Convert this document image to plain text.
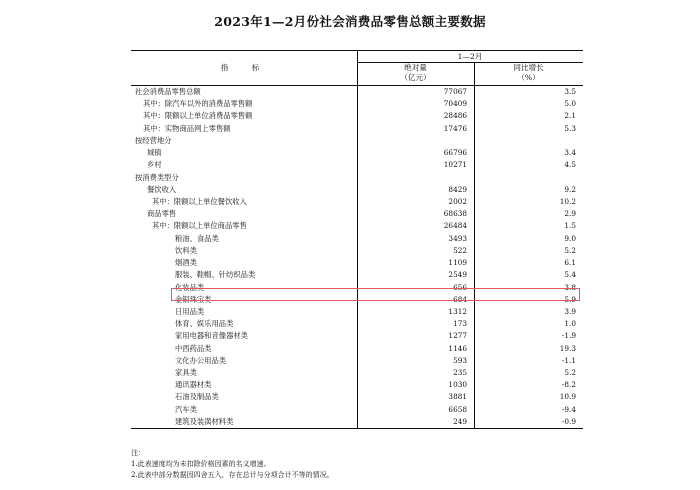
2023年1—2月份社会消费品零售总额主要数据
指　标
1—2月
绝对量
（亿元）
同比增长
（%）
社会消费品零售总额	77067	3.5
其中：除汽车以外的消费品零售额	70409	5.0
其中：限额以上单位消费品零售额	28486	2.1
其中：实物商品网上零售额	17476	5.3
按经营地分
城镇	66796	3.4
乡村	10271	4.5
按消费类型分
餐饮收入	8429	9.2
其中：限额以上单位餐饮收入	2002	10.2
商品零售	68638	2.9
其中：限额以上单位商品零售	26484	1.5
粮油、食品类	3493	9.0
饮料类	522	5.2
烟酒类	1109	6.1
服装、鞋帽、针纺织品类	2549	5.4
化妆品类	656	3.8
金银珠宝类	684	5.9
日用品类	1312	3.9
体育、娱乐用品类	173	1.0
家用电器和音像器材类	1277	-1.9
中西药品类	1146	19.3
文化办公用品类	593	-1.1
家具类	235	5.2
通讯器材类	1030	-8.2
石油及制品类	3881	10.9
汽车类	6658	-9.4
建筑及装潢材料类	249	-0.9
注：
1.此表速度均为未扣除价格因素的名义增速。
2.此表中部分数据因四舍五入，存在总计与分项合计不等的情况。
